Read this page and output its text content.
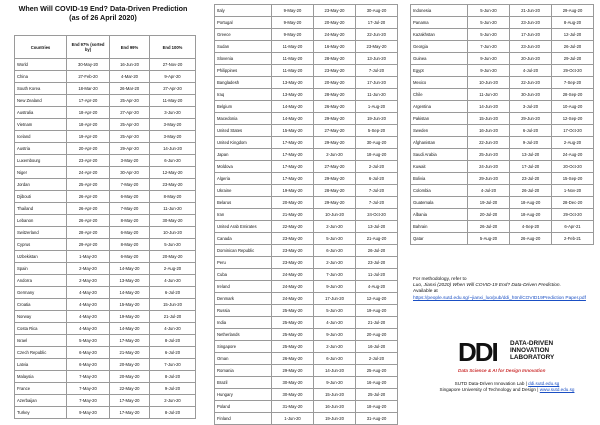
When Will COVID-19 End? Data-Driven Prediction
(as of 26 April 2020)
Countries	End 97% (sorted by)	End 99%	End 100%
World	30-May-20	16-Jun-20	27-Nov-20
China	27-Feb-20	4-Mar-20	9-Apr-20
South Korea	18-Mar-20	26-Mar-20	27-Apr-20
New Zealand	17-Apr-20	25-Apr-20	11-May-20
Australia	18-Apr-20	27-Apr-20	3-Jun-20
Vietnam	18-Apr-20	25-Apr-20	3-May-20
Iceland	19-Apr-20	25-Apr-20	3-May-20
Austria	20-Apr-20	29-Apr-20	14-Jun-20
Luxembourg	23-Apr-20	3-May-20	6-Jun-20
Niger	24-Apr-20	30-Apr-20	12-May-20
Jordan	25-Apr-20	7-May-20	23-May-20
Djibouti	26-Apr-20	6-May-20	8-May-20
Thailand	26-Apr-20	7-May-20	11-Jun-20
Lebanon	26-Apr-20	8-May-20	30-May-20
Switzerland	28-Apr-20	6-May-20	10-Jun-20
Cyprus	29-Apr-20	8-May-20	5-Jun-20
Uzbekistan	1-May-20	6-May-20	20-May-20
Spain	2-May-20	14-May-20	2-Aug-20
Andorra	2-May-20	13-May-20	4-Jun-20
Germany	4-May-20	14-May-20	6-Jul-20
Croatia	4-May-20	15-May-20	15-Jun-20
Norway	4-May-20	19-May-20	21-Jul-20
Costa Rica	4-May-20	14-May-20	4-Jun-20
Israel	5-May-20	17-May-20	8-Jul-20
Czech Republic	6-May-20	21-May-20	6-Jul-20
Latvia	6-May-20	20-May-20	7-Jun-20
Malaysia	7-May-20	20-May-20	8-Jul-20
France	7-May-20	22-May-20	9-Jul-20
Azerbaijan	7-May-20	17-May-20	2-Jun-20
Turkey	9-May-20	17-May-20	8-Jul-20
Italy	9-May-20	23-May-20	30-Aug-20
Portugal	9-May-20	20-May-20	17-Jul-20
Greece	9-May-20	24-May-20	22-Jun-20
Sudan	11-May-20	16-May-20	23-May-20
Slovenia	11-May-20	28-May-20	13-Jun-20
Philippines	11-May-20	23-May-20	7-Jul-20
Bangladesh	13-May-20	20-May-20	17-Jun-20
Iraq	13-May-20	28-May-20	11-Jun-20
Belgium	14-May-20	26-May-20	1-Aug-20
Macedonia	14-May-20	29-May-20	19-Jun-20
United States	15-May-20	27-May-20	5-Sep-20
United Kingdom	17-May-20	29-May-20	30-Aug-20
Japan	17-May-20	2-Jun-20	18-Aug-20
Moldova	17-May-20	27-May-20	2-Jul-20
Algeria	17-May-20	29-May-20	6-Jul-20
Ukraine	19-May-20	28-May-20	7-Jul-20
Belarus	20-May-20	29-May-20	7-Jul-20
Iran	21-May-20	10-Jun-20	24-Oct-20
United Arab Emirates	22-May-20	2-Jun-20	13-Jul-20
Canada	23-May-20	5-Jun-20	21-Aug-20
Dominican Republic	23-May-20	6-Jun-20	26-Jul-20
Peru	23-May-20	2-Jun-20	23-Jul-20
Cuba	24-May-20	7-Jun-20	11-Jul-20
Ireland	24-May-20	9-Jun-20	4-Aug-20
Denmark	24-May-20	17-Jun-20	12-Aug-20
Russia	25-May-20	5-Jun-20	19-Aug-20
India	25-May-20	4-Jun-20	21-Jul-20
Netherlands	25-May-20	9-Jun-20	20-Aug-20
Singapore	25-May-20	2-Jun-20	16-Jul-20
Oman	26-May-20	6-Jun-20	2-Jul-20
Romania	29-May-20	14-Jun-20	25-Aug-20
Brazil	30-May-20	9-Jun-20	16-Aug-20
Hungary	30-May-20	15-Jun-20	25-Jul-20
Poland	31-May-20	16-Jun-20	18-Aug-20
Finland	1-Jun-20	19-Jun-20	31-Aug-20
Indonesia	5-Jun-20	21-Jun-20	29-Aug-20
Panama	5-Jun-20	23-Jun-20	8-Aug-20
Kazakhstan	5-Jun-20	17-Jun-20	12-Jul-20
Georgia	7-Jun-20	23-Jun-20	26-Jul-20
Guinea	9-Jun-20	20-Jun-20	29-Jul-20
Egypt	9-Jun-20	4-Jul-20	29-Oct-20
Mexico	10-Jun-20	22-Jun-20	7-Sep-20
Chile	11-Jun-20	30-Jun-20	28-Sep-20
Argentina	14-Jun-20	3-Jul-20	10-Aug-20
Pakistan	15-Jun-20	29-Jun-20	12-Sep-20
Sweden	16-Jun-20	6-Jul-20	17-Oct-20
Afghanistan	22-Jun-20	9-Jul-20	2-Aug-20
Saudi Arabia	25-Jun-20	13-Jul-20	24-Aug-20
Kuwait	24-Jun-20	17-Jul-20	20-Oct-20
Bolivia	29-Jun-20	23-Jul-20	15-Sep-20
Colombia	4-Jul-20	26-Jul-20	1-Nov-20
Guatemala	19-Jul-20	18-Aug-20	28-Dec-20
Albania	20-Jul-20	18-Aug-20	29-Oct-20
Bahrain	26-Jul-20	4-Sep-20	6-Apr-21
Qatar	5-Aug-20	26-Aug-20	2-Feb-21
For methodology, refer to
Luo, Jianxi (2020) When Will COVID-19 End? Data-Driven Prediction.
Available at
https://people.sutd.edu.sg/~jianxi_luo/pub/ddi_html/COVID19Prediction Paper.pdf
DDI DATA-DRIVEN
INNOVATION
LABORATORY
Data Science & AI for Design Innovation
SUTD Data-Driven Innovation Lab | ddi.sutd.edu.sg
Singapore University of Technology and Design | www.sutd.edu.sg
